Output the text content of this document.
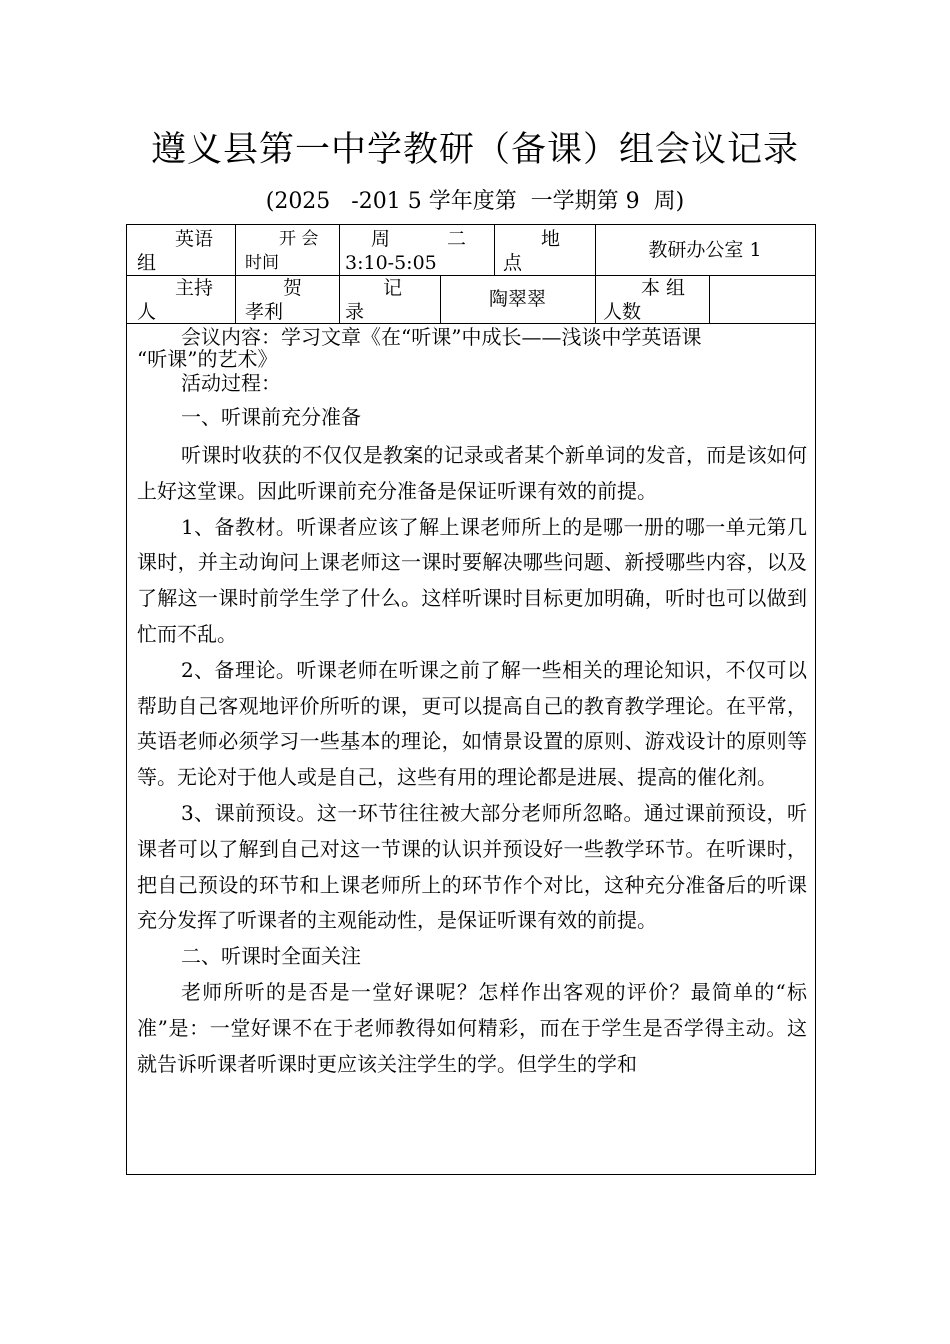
遵义县第一中学教研（备课）组会议记录
(2025   -201 5 学年度第  一学期第 9  周)
英语
组
开 会
时间
周　　　二
3:10-5:05
地
点
教研办公室 1
主持
人
贺
孝利
记
录
陶翠翠	本 组
人数

会议内容：学习文章《在“听课”中成长——浅谈中学英语课

“听课”的艺术》

活动过程：

一、听课前充分准备

听课时收获的不仅仅是教案的记录或者某个新单词的发音，而是该如何上好这堂课。因此听课前充分准备是保证听课有效的前提。

1、备教材。听课者应该了解上课老师所上的是哪一册的哪一单元第几课时，并主动询问上课老师这一课时要解决哪些问题、新授哪些内容，以及了解这一课时前学生学了什么。这样听课时目标更加明确，听时也可以做到忙而不乱。

2、备理论。听课老师在听课之前了解一些相关的理论知识，不仅可以帮助自己客观地评价所听的课，更可以提高自己的教育教学理论。在平常，英语老师必须学习一些基本的理论，如情景设置的原则、游戏设计的原则等等。无论对于他人或是自己，这些有用的理论都是进展、提高的催化剂。

3、课前预设。这一环节往往被大部分老师所忽略。通过课前预设，听课者可以了解到自己对这一节课的认识并预设好一些教学环节。在听课时，把自己预设的环节和上课老师所上的环节作个对比，这种充分准备后的听课充分发挥了听课者的主观能动性，是保证听课有效的前提。

二、听课时全面关注

老师所听的是否是一堂好课呢？怎样作出客观的评价？最简单的“标准”是：一堂好课不在于老师教得如何精彩，而在于学生是否学得主动。这就告诉听课者听课时更应该关注学生的学。但学生的学和
